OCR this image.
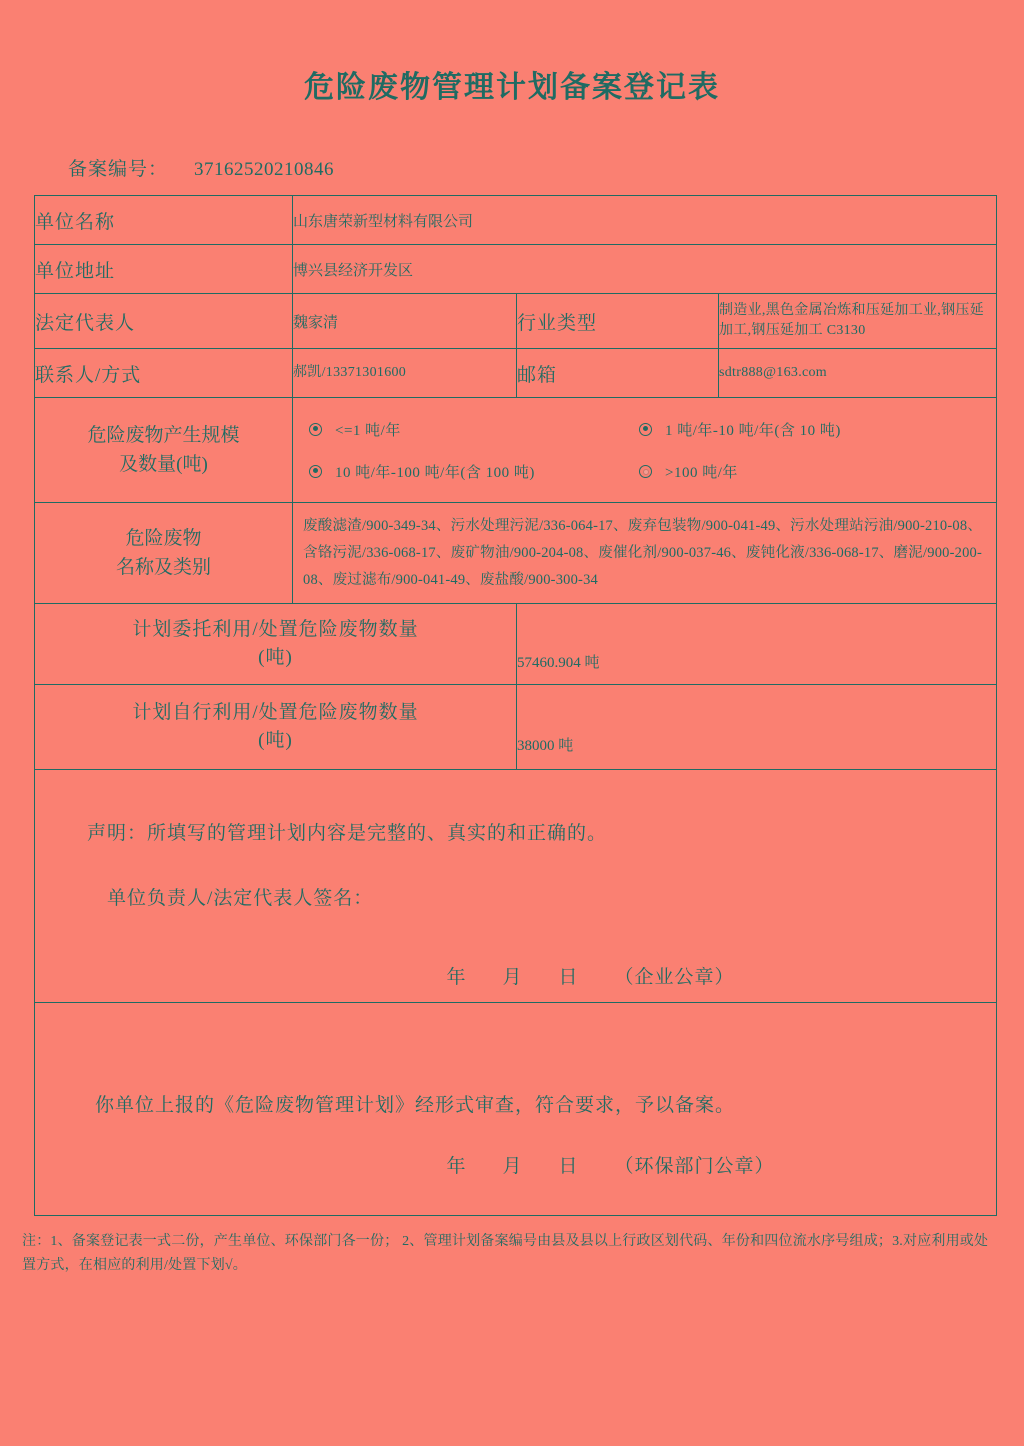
危险废物管理计划备案登记表
备案编号： 37162520210846
单位名称	山东唐荣新型材料有限公司		
单位地址	博兴县经济开发区		
法定代表人	魏家清	行业类型	制造业,黑色金属冶炼和压延加工业,钢压延加工,钢压延加工 C3130
联系人/方式	郝凯/13371301600	邮箱	sdtr888@163.com

危险废物产生规模
及数量(吨)

<=1 吨/年	1 吨/年-10 吨/年(含 10 吨)
10 吨/年-100 吨/年(含 100 吨)	>100 吨/年

危险废物
名称及类别	废酸滤渣/900-349-34、污水处理污泥/336-064-17、废弃包装物/900-041-49、污水处理站污油/900-210-08、含铬污泥/336-068-17、废矿物油/900-204-08、废催化剂/900-037-46、废钝化液/336-068-17、磨泥/900-200-08、废过滤布/900-041-49、废盐酸/900-300-34		

计划委托利用/处置危险废物数量
(吨)		57460.904 吨	

计划自行利用/处置危险废物数量
(吨)		38000 吨	

声明：所填写的管理计划内容是完整的、真实的和正确的。
单位负责人/法定代表人签名：
年 月 日 （企业公章）			

你单位上报的《危险废物管理计划》经形式审查，符合要求，予以备案。
年 月 日 （环保部门公章）			
注：1、备案登记表一式二份，产生单位、环保部门各一份； 2、管理计划备案编号由县及县以上行政区划代码、年份和四位流水序号组成；3.对应利用或处置方式，在相应的利用/处置下划√。
